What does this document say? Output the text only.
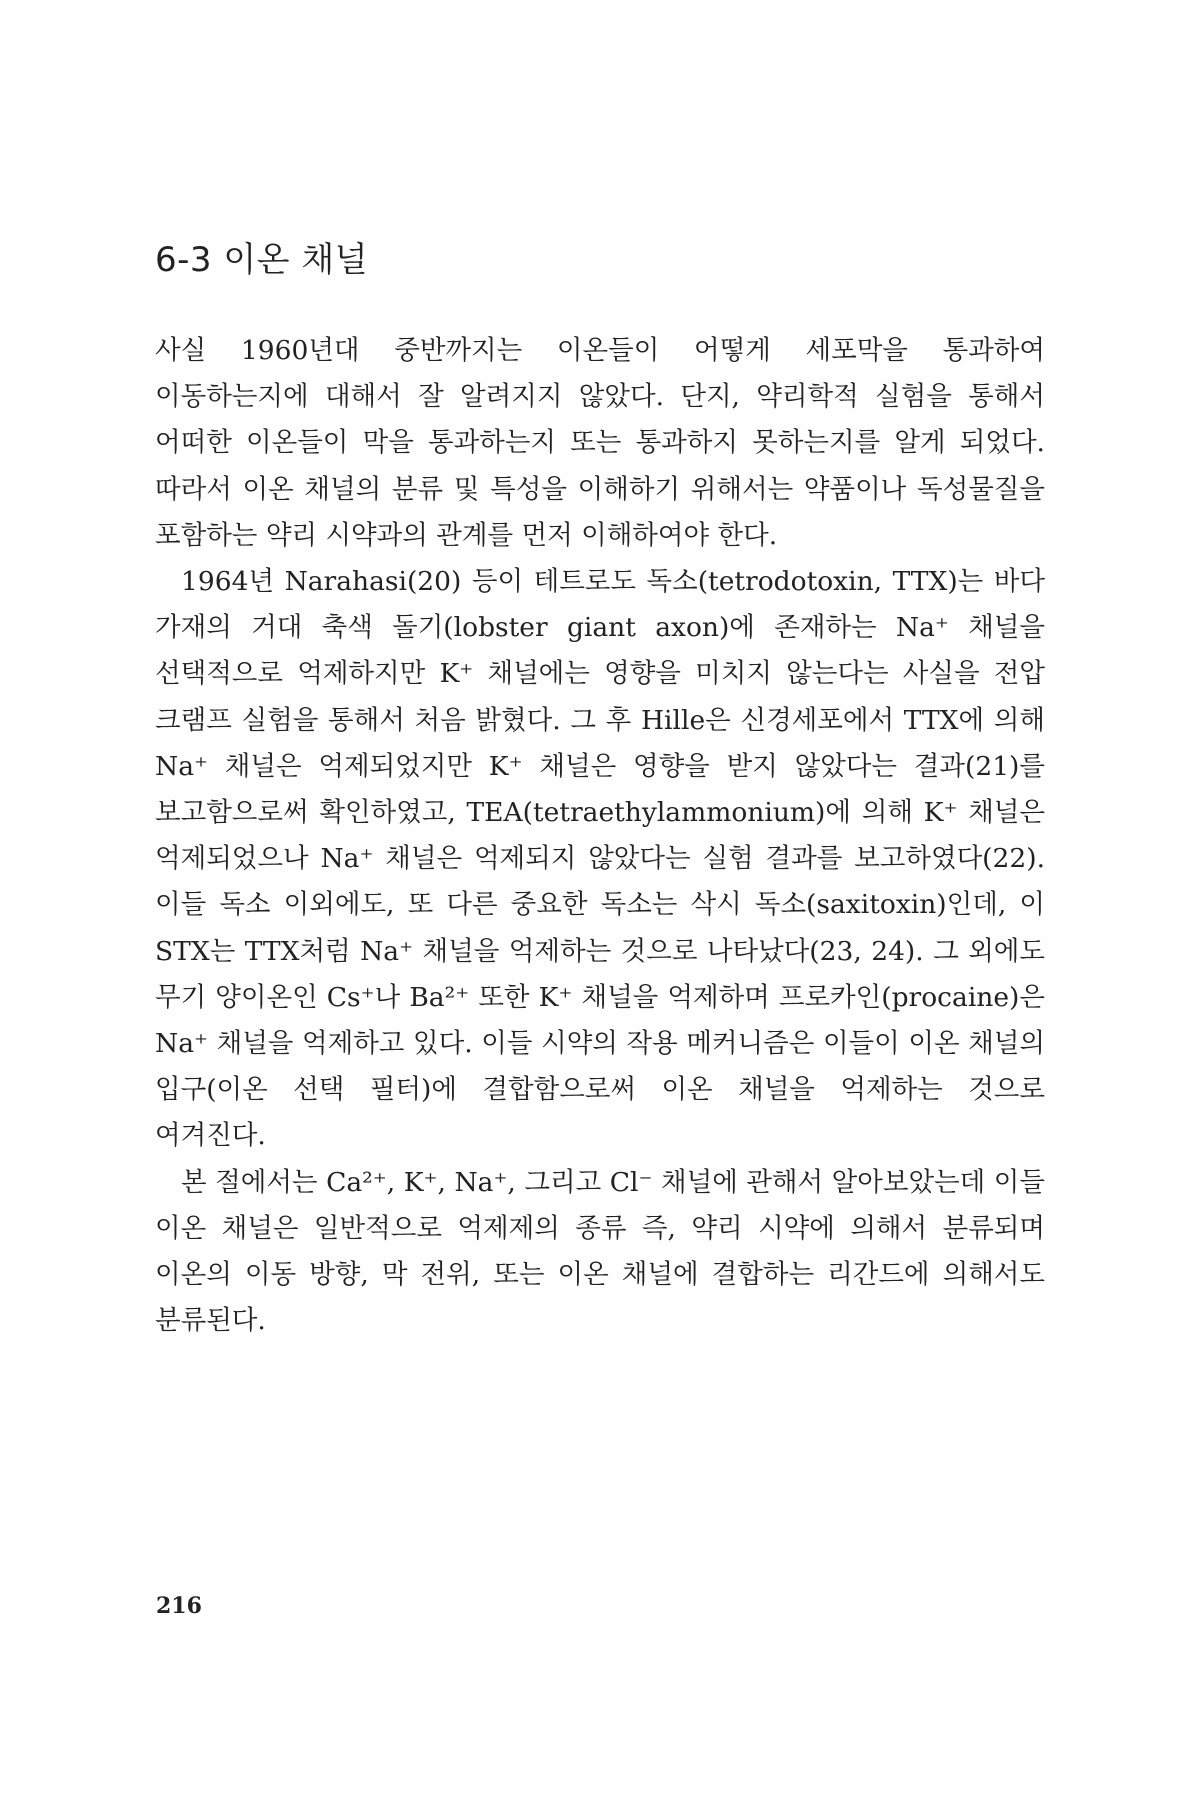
6-3 이온 채널

사실 1960년대 중반까지는 이온들이 어떻게 세포막을 통과하여 이동하는지에 대해서 잘 알려지지 않았다. 단지, 약리학적 실험을 통해서 어떠한 이온들이 막을 통과하는지 또는 통과하지 못하는지를 알게 되었다. 따라서 이온 채널의 분류 및 특성을 이해하기 위해서는 약품이나 독성물질을 포함하는 약리 시약과의 관계를 먼저 이해하여야 한다.

1964년 Narahasi(20) 등이 테트로도 독소(tetrodotoxin, TTX)는 바다 가재의 거대 축색 돌기(lobster giant axon)에 존재하는 Na⁺ 채널을 선택적으로 억제하지만 K⁺ 채널에는 영향을 미치지 않는다는 사실을 전압 크램프 실험을 통해서 처음 밝혔다. 그 후 Hille은 신경세포에서 TTX에 의해 Na⁺ 채널은 억제되었지만 K⁺ 채널은 영향을 받지 않았다는 결과(21)를 보고함으로써 확인하였고, TEA(tetraethylammonium)에 의해 K⁺ 채널은 억제되었으나 Na⁺ 채널은 억제되지 않았다는 실험 결과를 보고하였다(22). 이들 독소 이외에도, 또 다른 중요한 독소는 삭시 독소(saxitoxin)인데, 이 STX는 TTX처럼 Na⁺ 채널을 억제하는 것으로 나타났다(23, 24). 그 외에도 무기 양이온인 Cs⁺나 Ba²⁺ 또한 K⁺ 채널을 억제하며 프로카인(procaine)은 Na⁺ 채널을 억제하고 있다. 이들 시약의 작용 메커니즘은 이들이 이온 채널의 입구(이온 선택 필터)에 결합함으로써 이온 채널을 억제하는 것으로 여겨진다.

본 절에서는 Ca²⁺, K⁺, Na⁺, 그리고 Cl⁻ 채널에 관해서 알아보았는데 이들 이온 채널은 일반적으로 억제제의 종류 즉, 약리 시약에 의해서 분류되며 이온의 이동 방향, 막 전위, 또는 이온 채널에 결합하는 리간드에 의해서도 분류된다.

216
